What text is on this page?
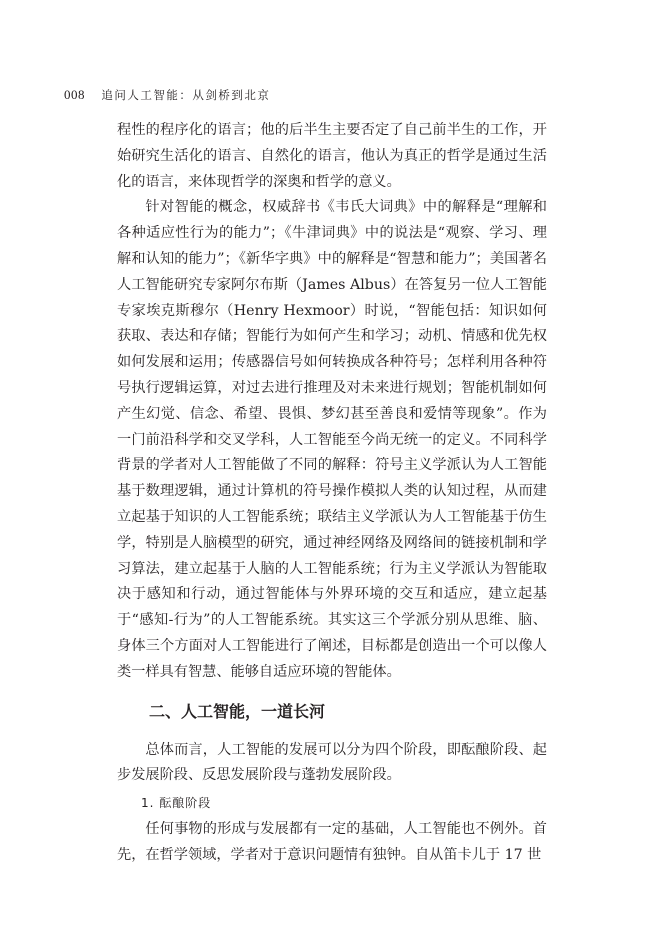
008 追问人工智能：从剑桥到北京

程性的程序化的语言；他的后半生主要否定了自己前半生的工作，开始研究生活化的语言、自然化的语言，他认为真正的哲学是通过生活化的语言，来体现哲学的深奥和哲学的意义。

针对智能的概念，权威辞书《韦氏大词典》中的解释是“理解和各种适应性行为的能力”；《牛津词典》中的说法是“观察、学习、理解和认知的能力”；《新华字典》中的解释是“智慧和能力”；美国著名人工智能研究专家阿尔布斯（James Albus）在答复另一位人工智能专家埃克斯穆尔（Henry Hexmoor）时说，“智能包括：知识如何获取、表达和存储；智能行为如何产生和学习；动机、情感和优先权如何发展和运用；传感器信号如何转换成各种符号；怎样利用各种符号执行逻辑运算，对过去进行推理及对未来进行规划；智能机制如何产生幻觉、信念、希望、畏惧、梦幻甚至善良和爱情等现象”。作为一门前沿科学和交叉学科，人工智能至今尚无统一的定义。不同科学背景的学者对人工智能做了不同的解释：符号主义学派认为人工智能基于数理逻辑，通过计算机的符号操作模拟人类的认知过程，从而建立起基于知识的人工智能系统；联结主义学派认为人工智能基于仿生学，特别是人脑模型的研究，通过神经网络及网络间的链接机制和学习算法，建立起基于人脑的人工智能系统；行为主义学派认为智能取决于感知和行动，通过智能体与外界环境的交互和适应，建立起基于“感知-行为”的人工智能系统。其实这三个学派分别从思维、脑、身体三个方面对人工智能进行了阐述，目标都是创造出一个可以像人类一样具有智慧、能够自适应环境的智能体。

二、人工智能，一道长河

总体而言，人工智能的发展可以分为四个阶段，即酝酿阶段、起步发展阶段、反思发展阶段与蓬勃发展阶段。

1. 酝酿阶段

任何事物的形成与发展都有一定的基础，人工智能也不例外。首先，在哲学领域，学者对于意识问题情有独钟。自从笛卡儿于 17 世
